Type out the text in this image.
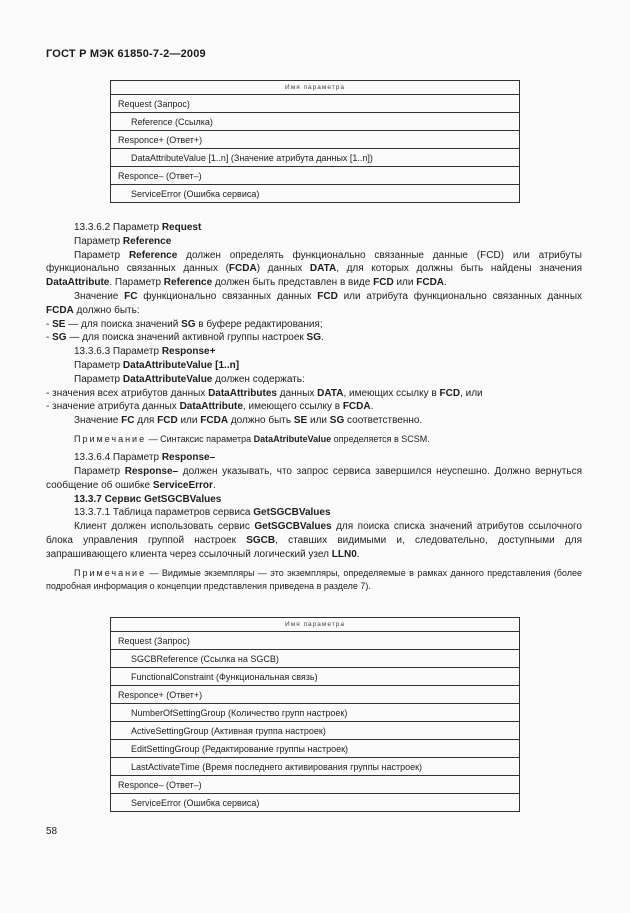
ГОСТ Р МЭК 61850-7-2—2009
Имя параметра
Request (Запрос)
Reference (Ссылка)
Responce+ (Ответ+)
DataAttributeValue [1..n] (Значение атрибута данных [1..n])
Responce– (Ответ–)
ServiceError (Ошибка сервиса)

13.3.6.2 Параметр Request

Параметр Reference

Параметр Reference должен определять функционально связанные данные (FCD) или атрибуты функционально связанных данных (FCDA) данных DATA, для которых должны быть найдены значения DataAttribute. Параметр Reference должен быть представлен в виде FCD или FCDA.

Значение FC функционально связанных данных FCD или атрибута функционально связанных данных FCDA должно быть:

- SE — для поиска значений SG в буфере редактирования;

- SG — для поиска значений активной группы настроек SG.

13.3.6.3 Параметр Response+

Параметр DataAttributeValue [1..n]

Параметр DataAttributeValue должен содержать:

- значения всех атрибутов данных DataAttributes данных DATA, имеющих ссылку в FCD, или

- значение атрибута данных DataAttribute, имеющего ссылку в FCDA.

Значение FC для FCD или FCDA должно быть SE или SG соответственно.

Примечание — Синтаксис параметра DataAtributeValue определяется в SCSM.

13.3.6.4 Параметр Response–

Параметр Response– должен указывать, что запрос сервиса завершился неуспешно. Должно вернуться сообщение об ошибке ServiceError.

13.3.7 Сервис GetSGCBValues

13.3.7.1 Таблица параметров сервиса GetSGCBValues

Клиент должен использовать сервис GetSGCBValues для поиска списка значений атрибутов ссылочного блока управления группой настроек SGCB, ставших видимыми и, следовательно, доступными для запрашивающего клиента через ссылочный логический узел LLN0.

Примечание — Видимые экземпляры — это экземпляры, определяемые в рамках данного представления (более подробная информация о концепции представления приведена в разделе 7).

Имя параметра
Request (Запрос)
SGCBReference (Ссылка на SGCB)
FunctionalConstraint (Функциональная связь)
Responce+ (Ответ+)
NumberOfSettingGroup (Количество групп настроек)
ActiveSettingGroup (Активная группа настроек)
EditSettingGroup (Редактирование группы настроек)
LastActivateTime (Время последнего активирования группы настроек)
Responce– (Ответ–)
ServiceError (Ошибка сервиса)
58
